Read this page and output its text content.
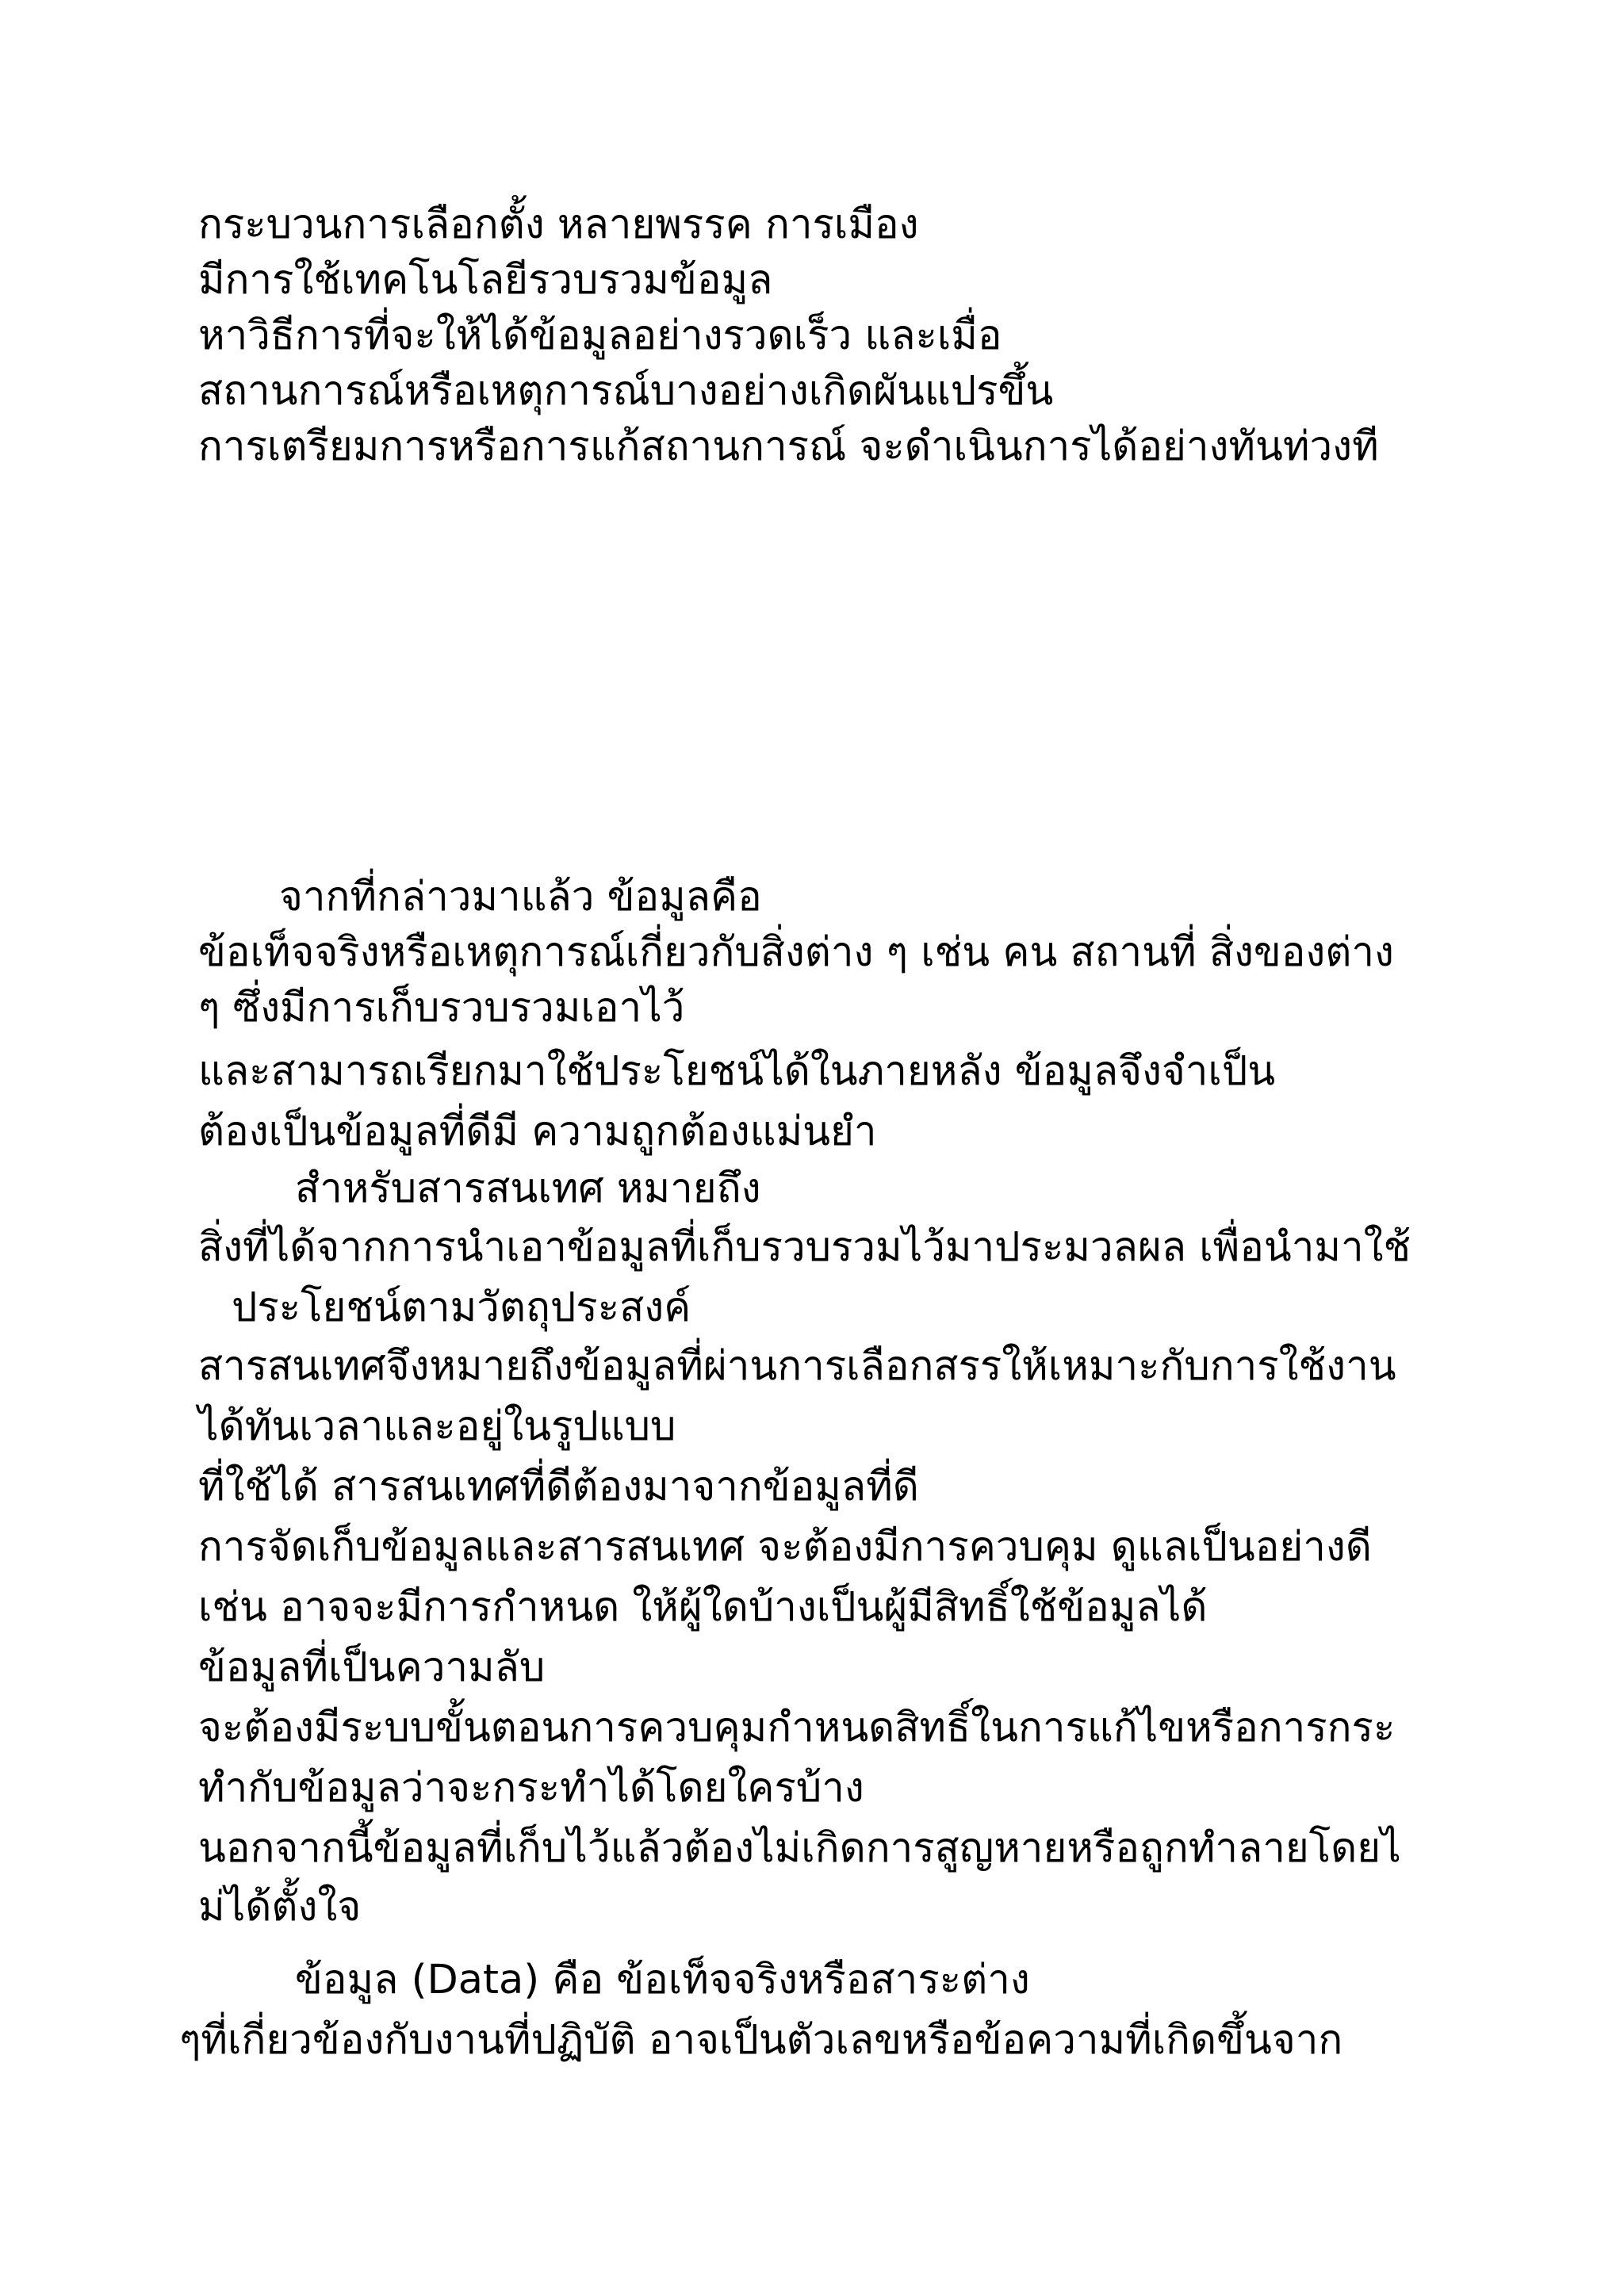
กระบวนการเลือกตั้ง หลายพรรค การเมือง

มีการใช้เทคโนโลยีรวบรวมข้อมูล

หาวิธีการที่จะให้ได้ข้อมูลอย่างรวดเร็ว และเมื่อ

สถานการณ์หรือเหตุการณ์บางอย่างเกิดผันแปรขึ้น

การเตรียมการหรือการแก้สถานการณ์ จะดำเนินการได้อย่างทันท่วงที

จากที่กล่าวมาแล้ว ข้อมูลคือ

ข้อเท็จจริงหรือเหตุการณ์เกี่ยวกับสิ่งต่าง ๆ เช่น คน สถานที่ สิ่งของต่าง

ๆ ซึ่งมีการเก็บรวบรวมเอาไว้

และสามารถเรียกมาใช้ประโยชน์ได้ในภายหลัง ข้อมูลจึงจำเป็น

ต้องเป็นข้อมูลที่ดีมี ความถูกต้องแม่นยำ

สำหรับสารสนเทศ หมายถึง

สิ่งที่ได้จากการนำเอาข้อมูลที่เก็บรวบรวมไว้มาประมวลผล เพื่อนำมาใช้

ประโยชน์ตามวัตถุประสงค์

สารสนเทศจึงหมายถึงข้อมูลที่ผ่านการเลือกสรรให้เหมาะกับการใช้งาน

ได้ทันเวลาและอยู่ในรูปแบบ

ที่ใช้ได้ สารสนเทศที่ดีต้องมาจากข้อมูลที่ดี

การจัดเก็บข้อมูลและสารสนเทศ จะต้องมีการควบคุม ดูแลเป็นอย่างดี

เช่น อาจจะมีการกำหนด ให้ผู้ใดบ้างเป็นผู้มีสิทธิ์ใช้ข้อมูลได้

ข้อมูลที่เป็นความลับ

จะต้องมีระบบขั้นตอนการควบคุมกำหนดสิทธิ์ในการแก้ไขหรือการกระ

ทำกับข้อมูลว่าจะกระทำได้โดยใครบ้าง

นอกจากนี้ข้อมูลที่เก็บไว้แล้วต้องไม่เกิดการสูญหายหรือถูกทำลายโดยไ

ม่ได้ตั้งใจ

ข้อมูล (Data) คือ ข้อเท็จจริงหรือสาระต่าง

ๆที่เกี่ยวข้องกับงานที่ปฏิบัติ อาจเป็นตัวเลขหรือข้อความที่เกิดขึ้นจาก
